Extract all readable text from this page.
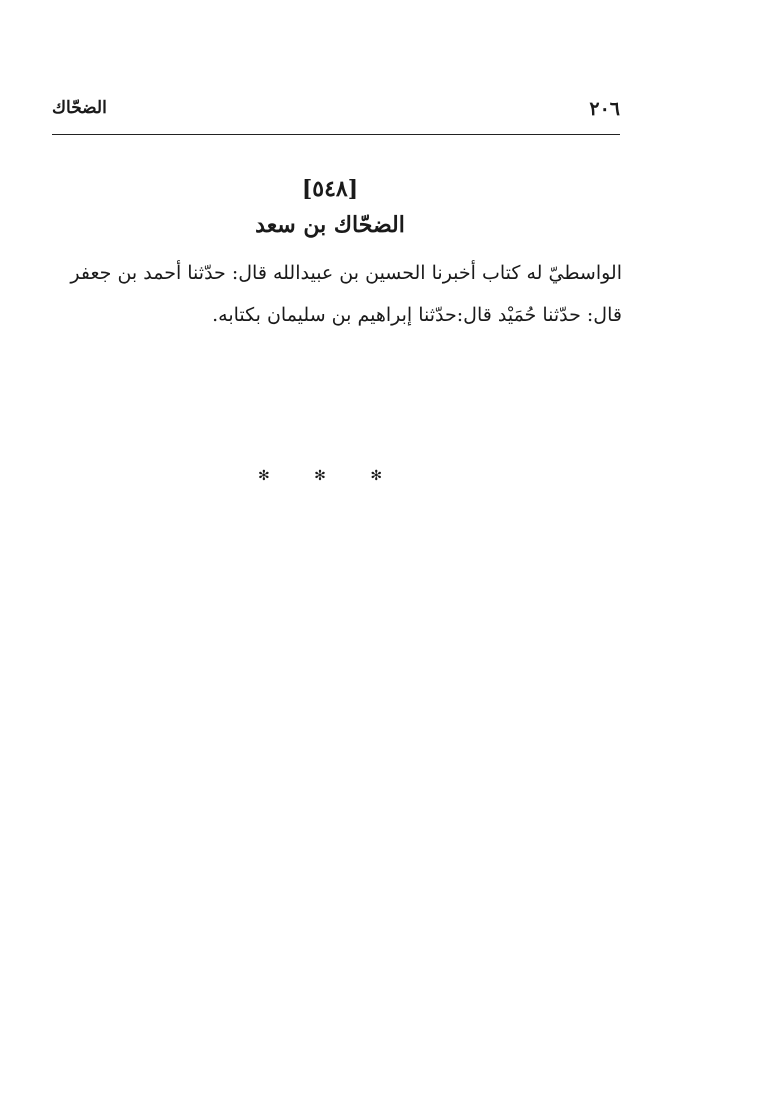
٢٠٦
الضحّاك
[٥٤٨]
الضحّاك بن سعد
الواسطيّ له كتاب أخبرنا الحسين بن عبيدالله قال: حدّثنا أحمد بن جعفر
قال: حدّثنا حُمَيْد قال:حدّثنا إبراهيم بن سليمان بكتابه.
✻ ✻ ✻
